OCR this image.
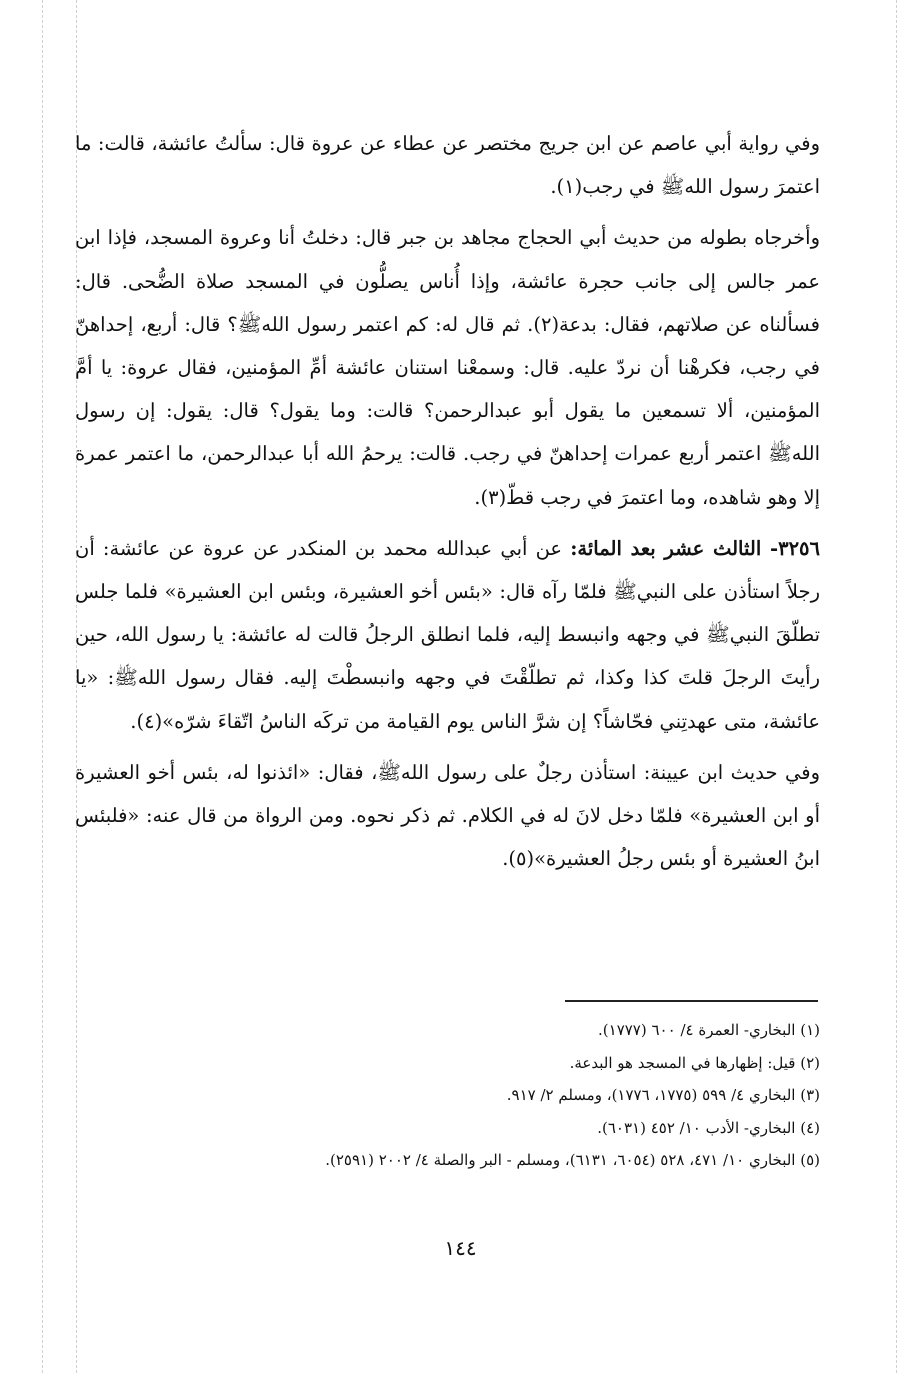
وفي رواية أبي عاصم عن ابن جريج مختصر عن عطاء عن عروة قال: سألتُ عائشة، قالت: ما اعتمرَ رسول اللهﷺ في رجب(١).

وأخرجاه بطوله من حديث أبي الحجاج مجاهد بن جبر قال: دخلتُ أنا وعروة المسجد، فإذا ابن عمر جالس إلى جانب حجرة عائشة، وإذا أُناس يصلُّون في المسجد صلاة الضُّحى. قال: فسألناه عن صلاتهم، فقال: بدعة(٢). ثم قال له: كم اعتمر رسول اللهﷺ؟ قال: أربع، إحداهنّ في رجب، فكرهْنا أن نردّ عليه. قال: وسمعْنا استنان عائشة أمِّ المؤمنين، فقال عروة: يا أمَّ المؤمنين، ألا تسمعين ما يقول أبو عبدالرحمن؟ قالت: وما يقول؟ قال: يقول: إن رسول اللهﷺ اعتمر أربع عمرات إحداهنّ في رجب. قالت: يرحمُ الله أبا عبدالرحمن، ما اعتمر عمرة إلا وهو شاهده، وما اعتمرَ في رجب قطّ(٣).

٣٢٥٦- الثالث عشر بعد المائة: عن أبي عبدالله محمد بن المنكدر عن عروة عن عائشة: أن رجلاً استأذن على النبيﷺ فلمّا رآه قال: «بئس أخو العشيرة، وبئس ابن العشيرة» فلما جلس تطلّقَ النبيﷺ في وجهه وانبسط إليه، فلما انطلق الرجلُ قالت له عائشة: يا رسول الله، حين رأيتَ الرجلَ قلتَ كذا وكذا، ثم تطلّقْتَ في وجهه وانبسطْتَ إليه. فقال رسول اللهﷺ: «يا عائشة، متى عهدتِني فحّاشاً؟ إن شرَّ الناس يوم القيامة من تركَه الناسُ اتّقاءَ شرّه»(٤).

وفي حديث ابن عيينة: استأذن رجلٌ على رسول اللهﷺ، فقال: «ائذنوا له، بئس أخو العشيرة أو ابن العشيرة» فلمّا دخل لانَ له في الكلام. ثم ذكر نحوه. ومن الرواة من قال عنه: «فلبئس ابنُ العشيرة أو بئس رجلُ العشيرة»(٥).

(١) البخاري- العمرة ٤/ ٦٠٠ (١٧٧٧).
(٢) قيل: إظهارها في المسجد هو البدعة.
(٣) البخاري ٤/ ٥٩٩ (١٧٧٥، ١٧٧٦)، ومسلم ٢/ ٩١٧.
(٤) البخاري- الأدب ١٠/ ٤٥٢ (٦٠٣١).
(٥) البخاري ١٠/ ٤٧١، ٥٢٨ (٦٠٥٤، ٦١٣١)، ومسلم - البر والصلة ٤/ ٢٠٠٢ (٢٥٩١).
١٤٤
